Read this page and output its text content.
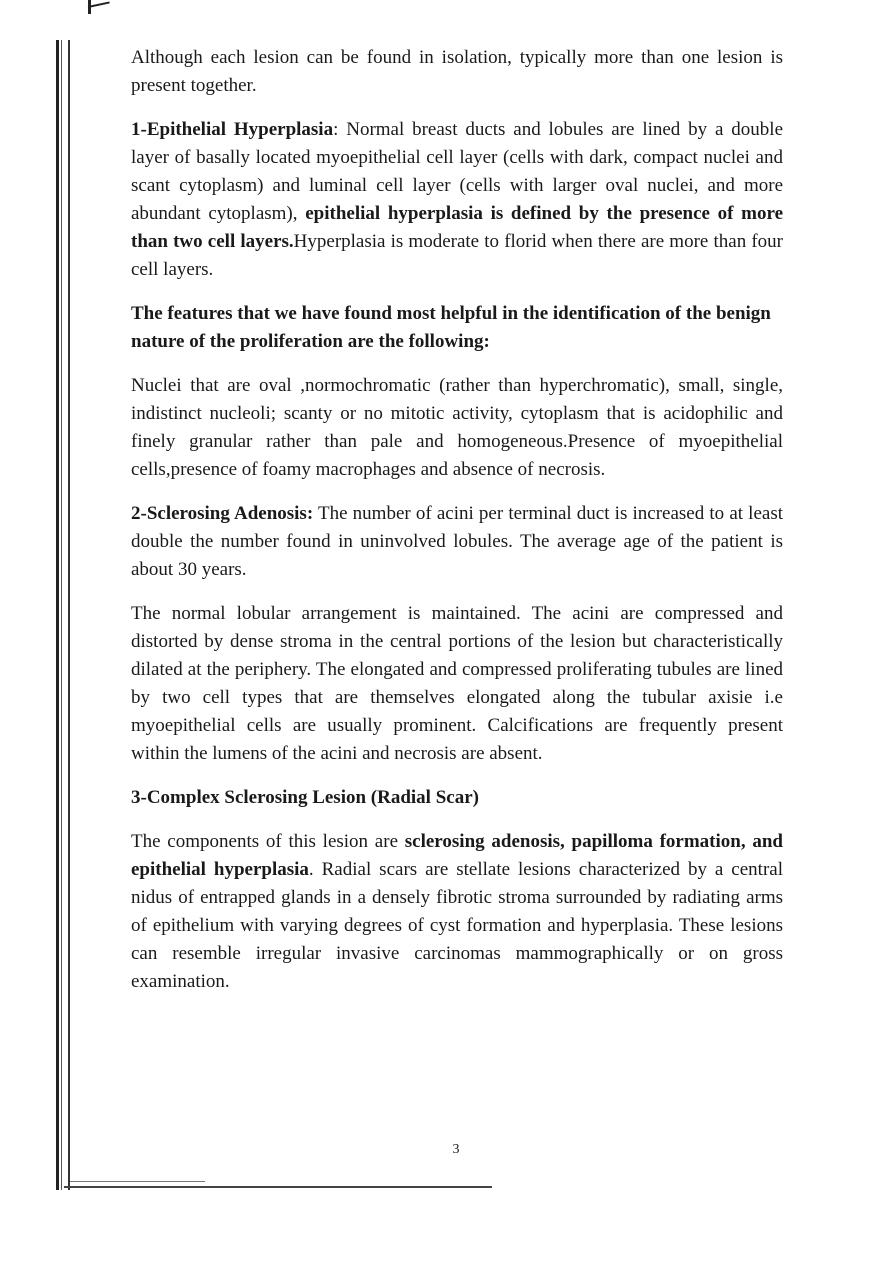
Although each lesion can be found in isolation, typically more than one lesion is present together.

1-Epithelial Hyperplasia: Normal breast ducts and lobules are lined by a double layer of basally located myoepithelial cell layer (cells with dark, compact nuclei and scant cytoplasm) and luminal cell layer (cells with larger oval nuclei, and more abundant cytoplasm), epithelial hyperplasia is defined by the presence of more than two cell layers.Hyperplasia is moderate to florid when there are more than four cell layers.

The features that we have found most helpful in the identification of the benign nature of the proliferation are the following:

Nuclei that are oval ,normochromatic (rather than hyperchromatic), small, single, indistinct nucleoli; scanty or no mitotic activity, cytoplasm that is acidophilic and finely granular rather than pale and homogeneous.Presence of myoepithelial cells,presence of foamy macrophages and absence of necrosis.

2-Sclerosing Adenosis: The number of acini per terminal duct is increased to at least double the number found in uninvolved lobules. The average age of the patient is about 30 years.

The normal lobular arrangement is maintained. The acini are compressed and distorted by dense stroma in the central portions of the lesion but characteristically dilated at the periphery. The elongated and compressed proliferating tubules are lined by two cell types that are themselves elongated along the tubular axisie i.e myoepithelial cells are usually prominent. Calcifications are frequently present within the lumens of the acini and necrosis are absent.

3-Complex Sclerosing Lesion (Radial Scar)

The components of this lesion are sclerosing adenosis, papilloma formation, and epithelial hyperplasia. Radial scars are stellate lesions characterized by a central nidus of entrapped glands in a densely fibrotic stroma surrounded by radiating arms of epithelium with varying degrees of cyst formation and hyperplasia. These lesions can resemble irregular invasive carcinomas mammographically or on gross examination.

3
